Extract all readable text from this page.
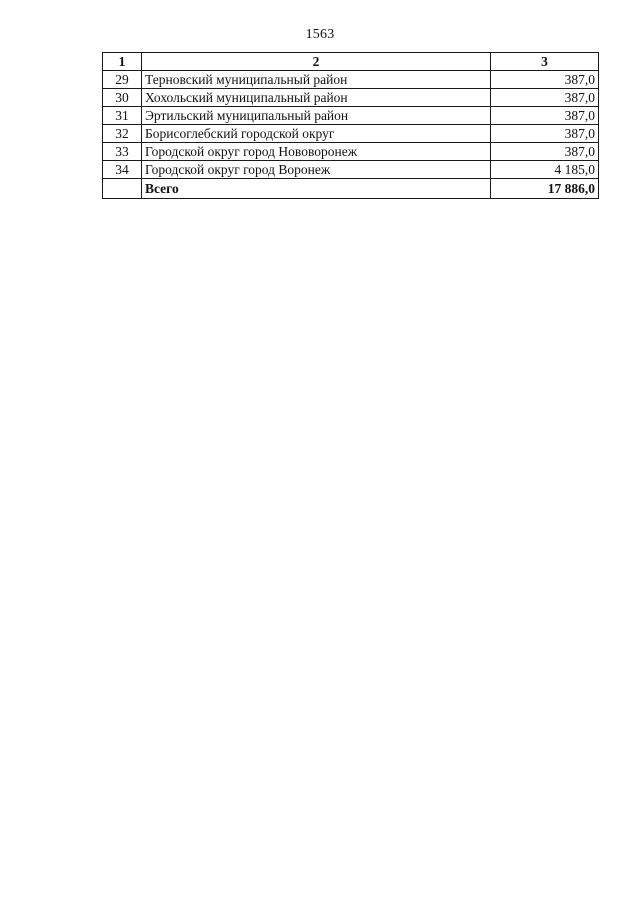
1563
1	2	3
29	Терновский муниципальный район	387,0
30	Хохольский муниципальный район	387,0
31	Эртильский муниципальный район	387,0
32	Борисоглебский городской округ	387,0
33	Городской округ город Нововоронеж	387,0
34	Городской округ город Воронеж	4 185,0
	Всего	17 886,0
